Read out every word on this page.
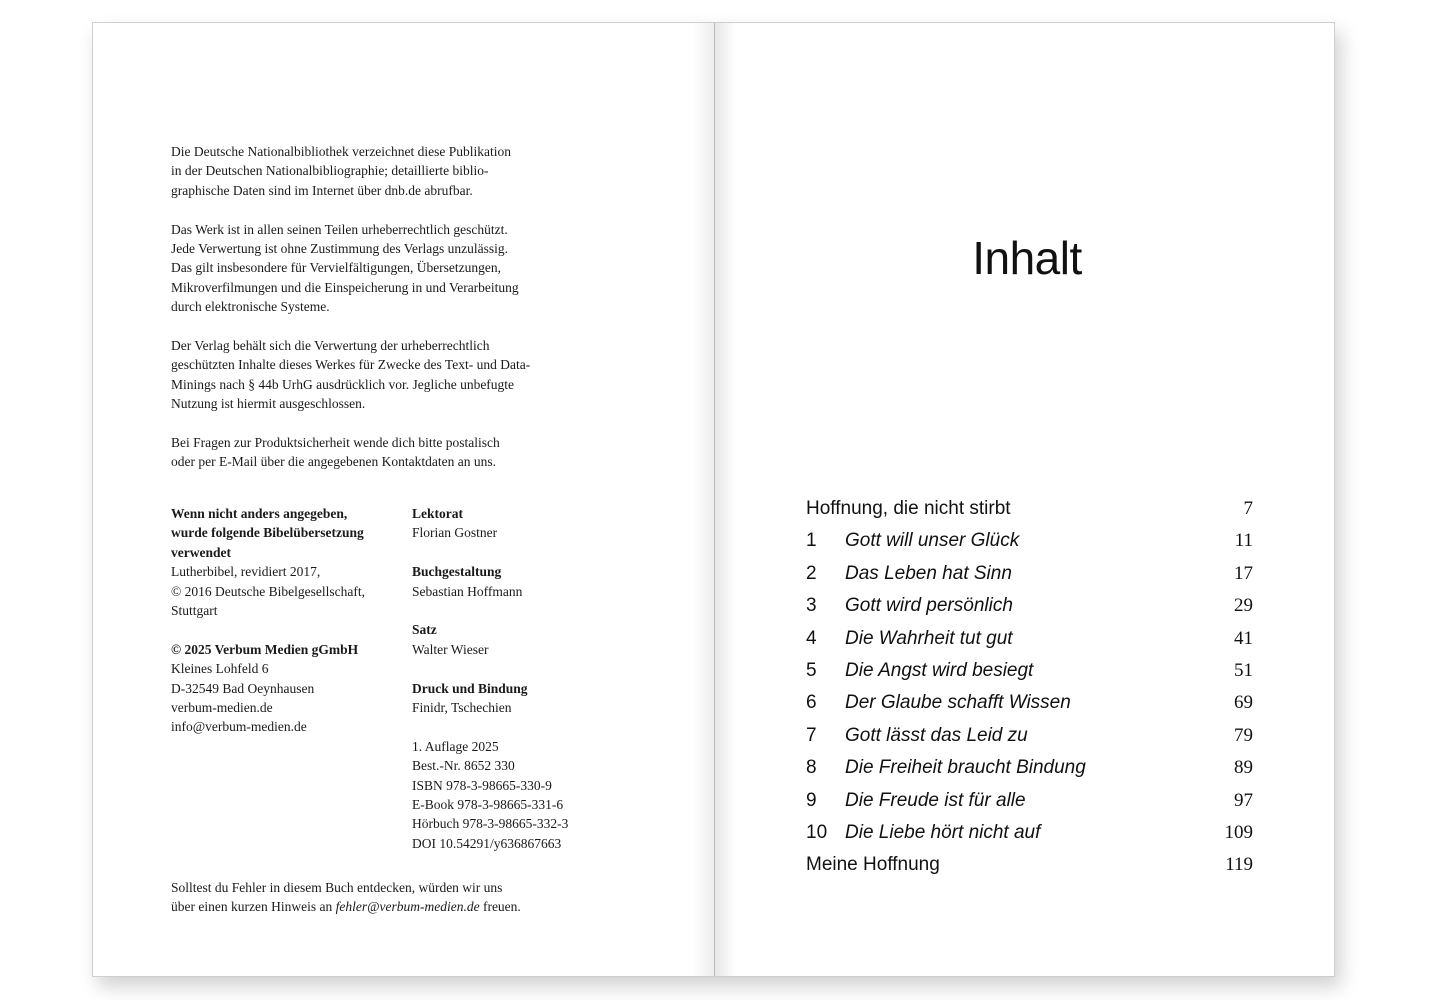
Die Deutsche Nationalbibliothek verzeichnet diese Publikation
in der Deutschen Nationalbibliographie; detaillierte biblio-
graphische Daten sind im Internet über dnb.de abrufbar.

Das Werk ist in allen seinen Teilen urheberrechtlich geschützt.
Jede Verwertung ist ohne Zustimmung des Verlags unzulässig.
Das gilt insbesondere für Vervielfältigungen, Übersetzungen,
Mikroverfilmungen und die Einspeicherung in und Verarbeitung
durch elektronische Systeme.

Der Verlag behält sich die Verwertung der urheberrechtlich
geschützten Inhalte dieses Werkes für Zwecke des Text- und Data-
Minings nach § 44b UrhG ausdrücklich vor. Jegliche unbefugte
Nutzung ist hiermit ausgeschlossen.

Bei Fragen zur Produktsicherheit wende dich bitte postalisch
oder per E-Mail über die angegebenen Kontaktdaten an uns.

Wenn nicht anders angegeben,
wurde folgende Bibelübersetzung
verwendet
Lutherbibel, revidiert 2017,
© 2016 Deutsche Bibelgesellschaft,
Stuttgart
© 2025 Verbum Medien gGmbH
Kleines Lohfeld 6
D-32549 Bad Oeynhausen
verbum-medien.de
info@verbum-medien.de
Lektorat
Florian Gostner
Buchgestaltung
Sebastian Hoffmann
Satz
Walter Wieser
Druck und Bindung
Finidr, Tschechien
1. Auflage 2025
Best.-Nr. 8652 330
ISBN 978-3-98665-330-9
E-Book 978-3-98665-331-6
Hörbuch 978-3-98665-332-3
DOI 10.54291/y636867663
Solltest du Fehler in diesem Buch entdecken, würden wir uns
über einen kurzen Hinweis an fehler@verbum-medien.de freuen.
Inhalt
Hoffnung, die nicht stirbt	7
1 Gott will unser Glück	11
2 Das Leben hat Sinn	17
3 Gott wird persönlich	29
4 Die Wahrheit tut gut	41
5 Die Angst wird besiegt	51
6 Der Glaube schafft Wissen	69
7 Gott lässt das Leid zu	79
8 Die Freiheit braucht Bindung	89
9 Die Freude ist für alle	97
10 Die Liebe hört nicht auf	109
Meine Hoffnung	119
